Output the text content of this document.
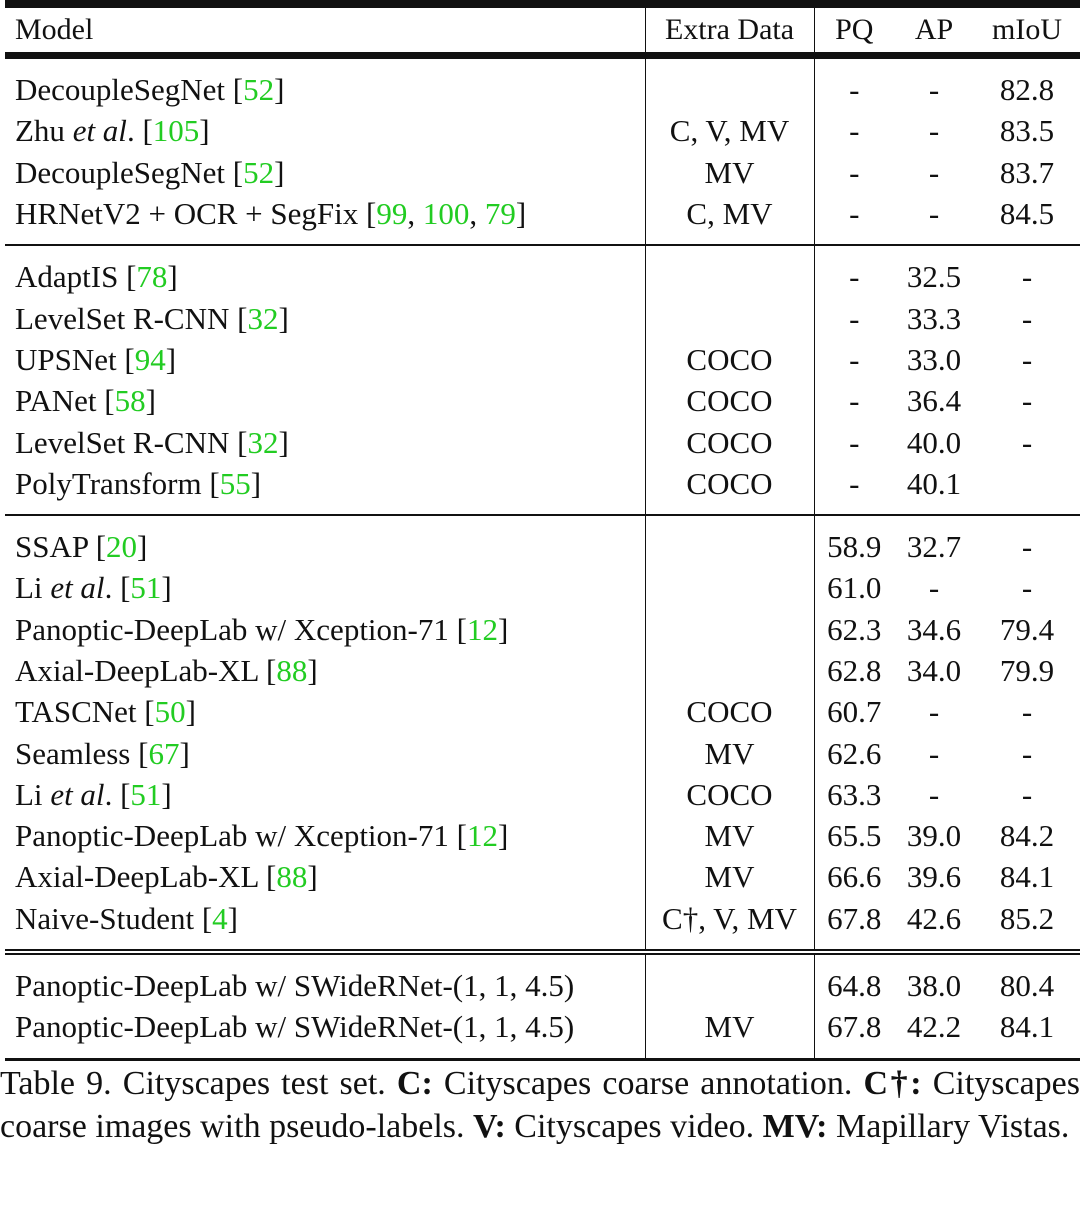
Model	Extra Data	PQ	AP	mIoU
DecoupleSegNet [52]		-	-	82.8
Zhu et al. [105]	C, V, MV	-	-	83.5
DecoupleSegNet [52]	MV	-	-	83.7
HRNetV2 + OCR + SegFix [99, 100, 79]	C, MV	-	-	84.5
AdaptIS [78]		-	32.5	-
LevelSet R-CNN [32]		-	33.3	-
UPSNet [94]	COCO	-	33.0	-
PANet [58]	COCO	-	36.4	-
LevelSet R-CNN [32]	COCO	-	40.0	-
PolyTransform [55]	COCO	-	40.1	
SSAP [20]		58.9	32.7	-
Li et al. [51]		61.0	-	-
Panoptic-DeepLab w/ Xception-71 [12]		62.3	34.6	79.4
Axial-DeepLab-XL [88]		62.8	34.0	79.9
TASCNet [50]	COCO	60.7	-	-
Seamless [67]	MV	62.6	-	-
Li et al. [51]	COCO	63.3	-	-
Panoptic-DeepLab w/ Xception-71 [12]	MV	65.5	39.0	84.2
Axial-DeepLab-XL [88]	MV	66.6	39.6	84.1
Naive-Student [4]	C†, V, MV	67.8	42.6	85.2
Panoptic-DeepLab w/ SWideRNet-(1, 1, 4.5)		64.8	38.0	80.4
Panoptic-DeepLab w/ SWideRNet-(1, 1, 4.5)	MV	67.8	42.2	84.1
Table 9. Cityscapes test set. C: Cityscapes coarse annotation. C†: Cityscapes coarse images with pseudo-labels. V: Cityscapes video. MV: Mapillary Vistas.
